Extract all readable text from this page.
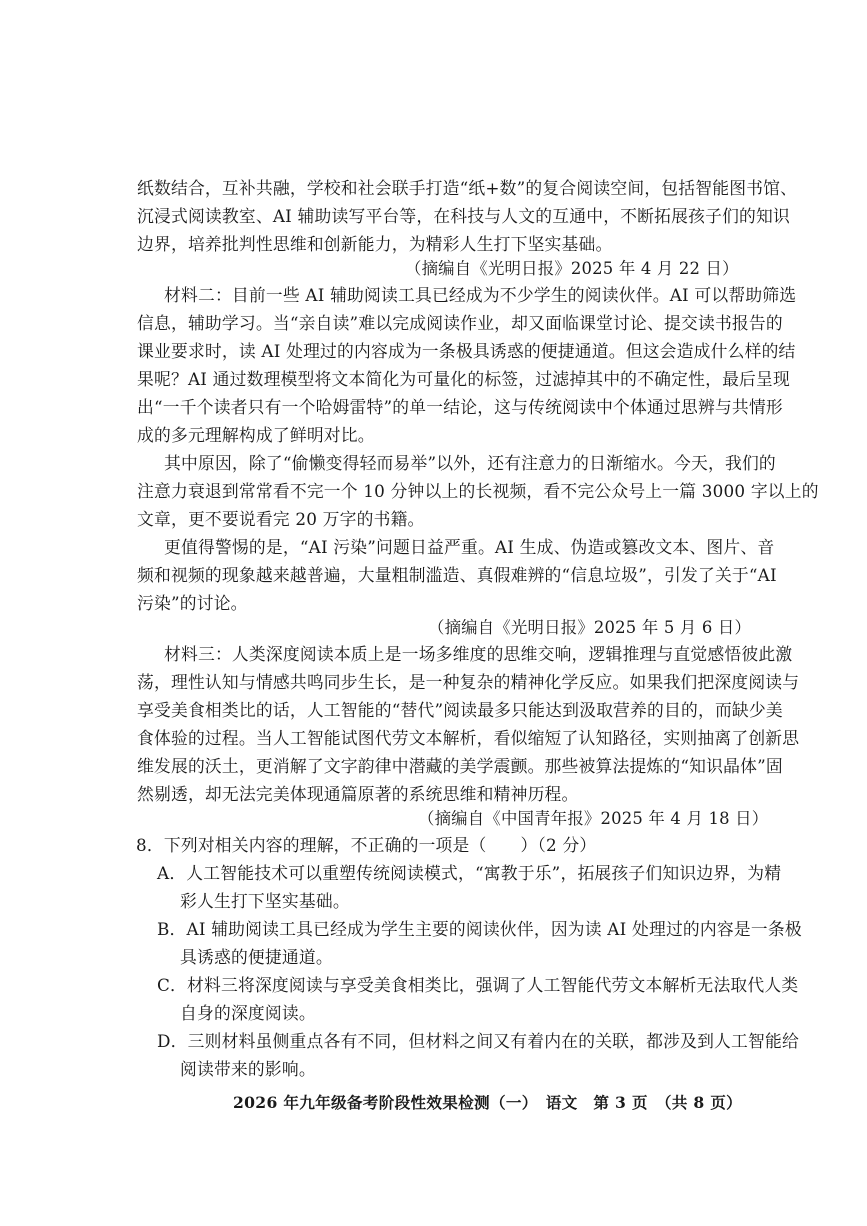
纸数结合，互补共融，学校和社会联手打造“纸+数”的复合阅读空间，包括智能图书馆、
沉浸式阅读教室、AI 辅助读写平台等，在科技与人文的互通中，不断拓展孩子们的知识
边界，培养批判性思维和创新能力，为精彩人生打下坚实基础。
（摘编自《光明日报》2025 年 4 月 22 日）
材料二：目前一些 AI 辅助阅读工具已经成为不少学生的阅读伙伴。AI 可以帮助筛选
信息，辅助学习。当“亲自读”难以完成阅读作业，却又面临课堂讨论、提交读书报告的
课业要求时，读 AI 处理过的内容成为一条极具诱惑的便捷通道。但这会造成什么样的结
果呢？AI 通过数理模型将文本简化为可量化的标签，过滤掉其中的不确定性，最后呈现
出“一千个读者只有一个哈姆雷特”的单一结论，这与传统阅读中个体通过思辨与共情形
成的多元理解构成了鲜明对比。
其中原因，除了“偷懒变得轻而易举”以外，还有注意力的日渐缩水。今天，我们的
注意力衰退到常常看不完一个 10 分钟以上的长视频，看不完公众号上一篇 3000 字以上的
文章，更不要说看完 20 万字的书籍。
更值得警惕的是，“AI 污染”问题日益严重。AI 生成、伪造或篡改文本、图片、音
频和视频的现象越来越普遍，大量粗制滥造、真假难辨的“信息垃圾”，引发了关于“AI
污染”的讨论。
（摘编自《光明日报》2025 年 5 月 6 日）
材料三：人类深度阅读本质上是一场多维度的思维交响，逻辑推理与直觉感悟彼此激
荡，理性认知与情感共鸣同步生长，是一种复杂的精神化学反应。如果我们把深度阅读与
享受美食相类比的话，人工智能的“替代”阅读最多只能达到汲取营养的目的，而缺少美
食体验的过程。当人工智能试图代劳文本解析，看似缩短了认知路径，实则抽离了创新思
维发展的沃土，更消解了文字韵律中潜藏的美学震颤。那些被算法提炼的“知识晶体”固
然剔透，却无法完美体现通篇原著的系统思维和精神历程。
（摘编自《中国青年报》2025 年 4 月 18 日）
8．下列对相关内容的理解，不正确的一项是（　　）（2 分）
A．人工智能技术可以重塑传统阅读模式，“寓教于乐”，拓展孩子们知识边界，为精
彩人生打下坚实基础。
B．AI 辅助阅读工具已经成为学生主要的阅读伙伴，因为读 AI 处理过的内容是一条极
具诱惑的便捷通道。
C．材料三将深度阅读与享受美食相类比，强调了人工智能代劳文本解析无法取代人类
自身的深度阅读。
D．三则材料虽侧重点各有不同，但材料之间又有着内在的关联，都涉及到人工智能给
阅读带来的影响。
2026 年九年级备考阶段性效果检测（一）　语文　第 3 页　（共 8 页）
